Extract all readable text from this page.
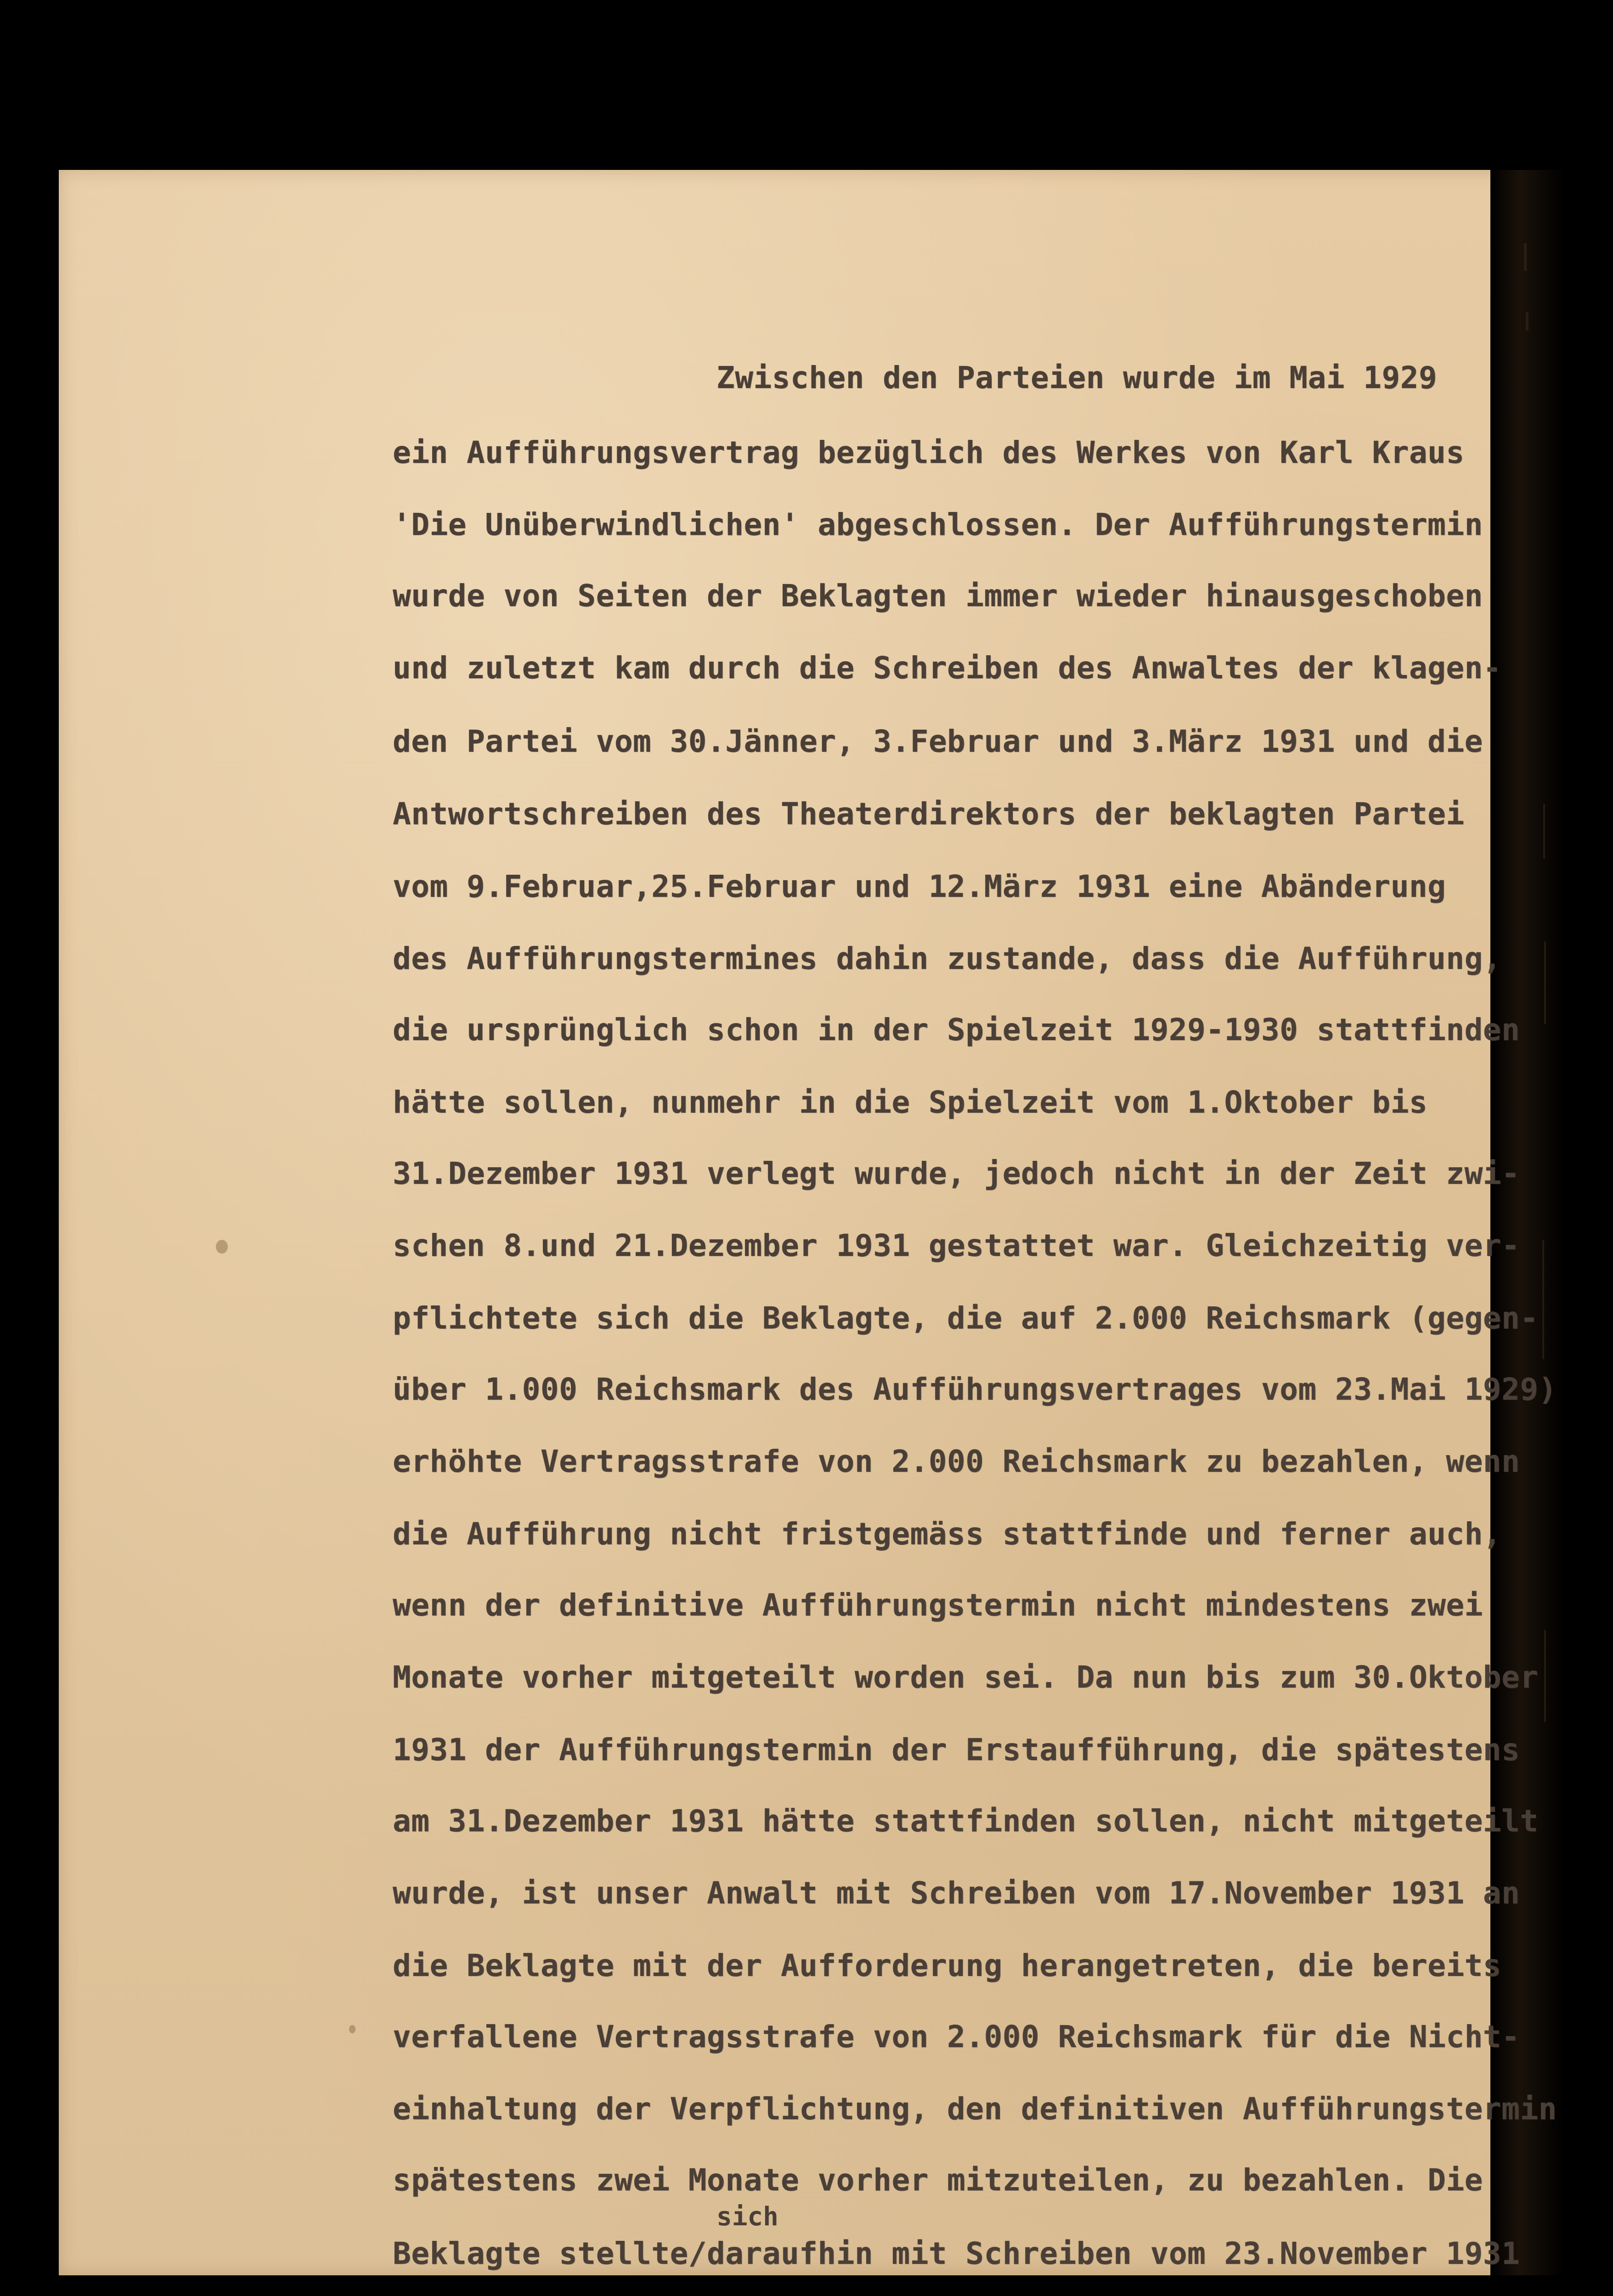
Zwischen den Parteien wurde im Mai 1929
ein Aufführungsvertrag bezüglich des Werkes von Karl Kraus
'Die Unüberwindlichen' abgeschlossen. Der Aufführungstermin
wurde von Seiten der Beklagten immer wieder hinausgeschoben
und zuletzt kam durch die Schreiben des Anwaltes der klagen-
den Partei vom 30.Jänner, 3.Februar und 3.März 1931 und die
Antwortschreiben des Theaterdirektors der beklagten Partei
vom 9.Februar,25.Februar und 12.März 1931 eine Abänderung
des Aufführungstermines dahin zustande, dass die Aufführung,
die ursprünglich schon in der Spielzeit 1929-1930 stattfinden
hätte sollen, nunmehr in die Spielzeit vom 1.Oktober bis
31.Dezember 1931 verlegt wurde, jedoch nicht in der Zeit zwi-
schen 8.und 21.Dezember 1931 gestattet war. Gleichzeitig ver-
pflichtete sich die Beklagte, die auf 2.000 Reichsmark (gegen-
über 1.000 Reichsmark des Aufführungsvertrages vom 23.Mai 1929)
erhöhte Vertragsstrafe von 2.000 Reichsmark zu bezahlen, wenn
die Aufführung nicht fristgemäss stattfinde und ferner auch,
wenn der definitive Aufführungstermin nicht mindestens zwei
Monate vorher mitgeteilt worden sei. Da nun bis zum 30.Oktober
1931 der Aufführungstermin der Erstaufführung, die spätestens
am 31.Dezember 1931 hätte stattfinden sollen, nicht mitgeteilt
wurde, ist unser Anwalt mit Schreiben vom 17.November 1931 an
die Beklagte mit der Aufforderung herangetreten, die bereits
verfallene Vertragsstrafe von 2.000 Reichsmark für die Nicht-
einhaltung der Verpflichtung, den definitiven Aufführungstermin
spätestens zwei Monate vorher mitzuteilen, zu bezahlen. Die
Beklagte stellte/daraufhin mit Schreiben vom 23.November 1931
sich
